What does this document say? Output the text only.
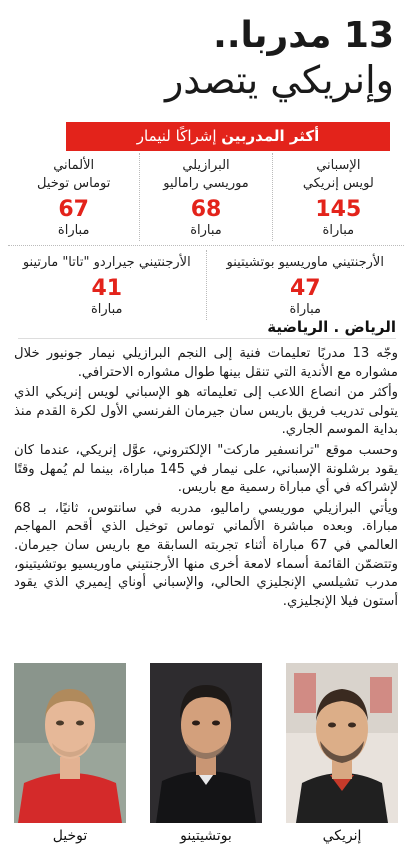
13 مدربا..
وإنريكي يتصدر
أكثر المدربين إشراكًا لنيمار
الإسباني
لويس إنريكي
145
مباراة
البرازيلي
موريسي راماليو
68
مباراة
الألماني
توماس توخيل
67
مباراة
الأرجنتيني ماوريسيو بوتشيتينو
47
مباراة
الأرجنتيني جيراردو "تاتا" مارتينو
41
مباراة
الرياض . الرياضية

وجّه 13 مدربًا تعليمات فنية إلى النجم البرازيلي نيمار جونيور خلال مشواره مع الأندية التي تنقل بينها طوال مشواره الاحترافي.

وأكثر من انصاع اللاعب إلى تعليماته هو الإسباني لويس إنريكي الذي يتولى تدريب فريق باريس سان جيرمان الفرنسي الأول لكرة القدم منذ بداية الموسم الجاري.

وحسب موقع "ترانسفير ماركت" الإلكتروني، عوَّل إنريكي، عندما كان يقود برشلونة الإسباني، على نيمار في 145 مباراة، بينما لم يُمهل وقتًا لإشراكه في أي مباراة رسمية مع باريس.

ويأتي البرازيلي موريسي راماليو، مدربه في سانتوس، ثانيًا، بـ 68 مباراة. وبعده مباشرة الألماني توماس توخيل الذي أقحم المهاجم العالمي في 67 مباراة أثناء تجربته السابقة مع باريس سان جيرمان. وتتضمّن القائمة أسماء لامعة أخرى منها الأرجنتيني ماوريسيو بوتشيتينو، مدرب تشيلسي الإنجليزي الحالي، والإسباني أوناي إيميري الذي يقود أستون فيلا الإنجليزي.

إنريكي
بوتشيتينو
توخيل
